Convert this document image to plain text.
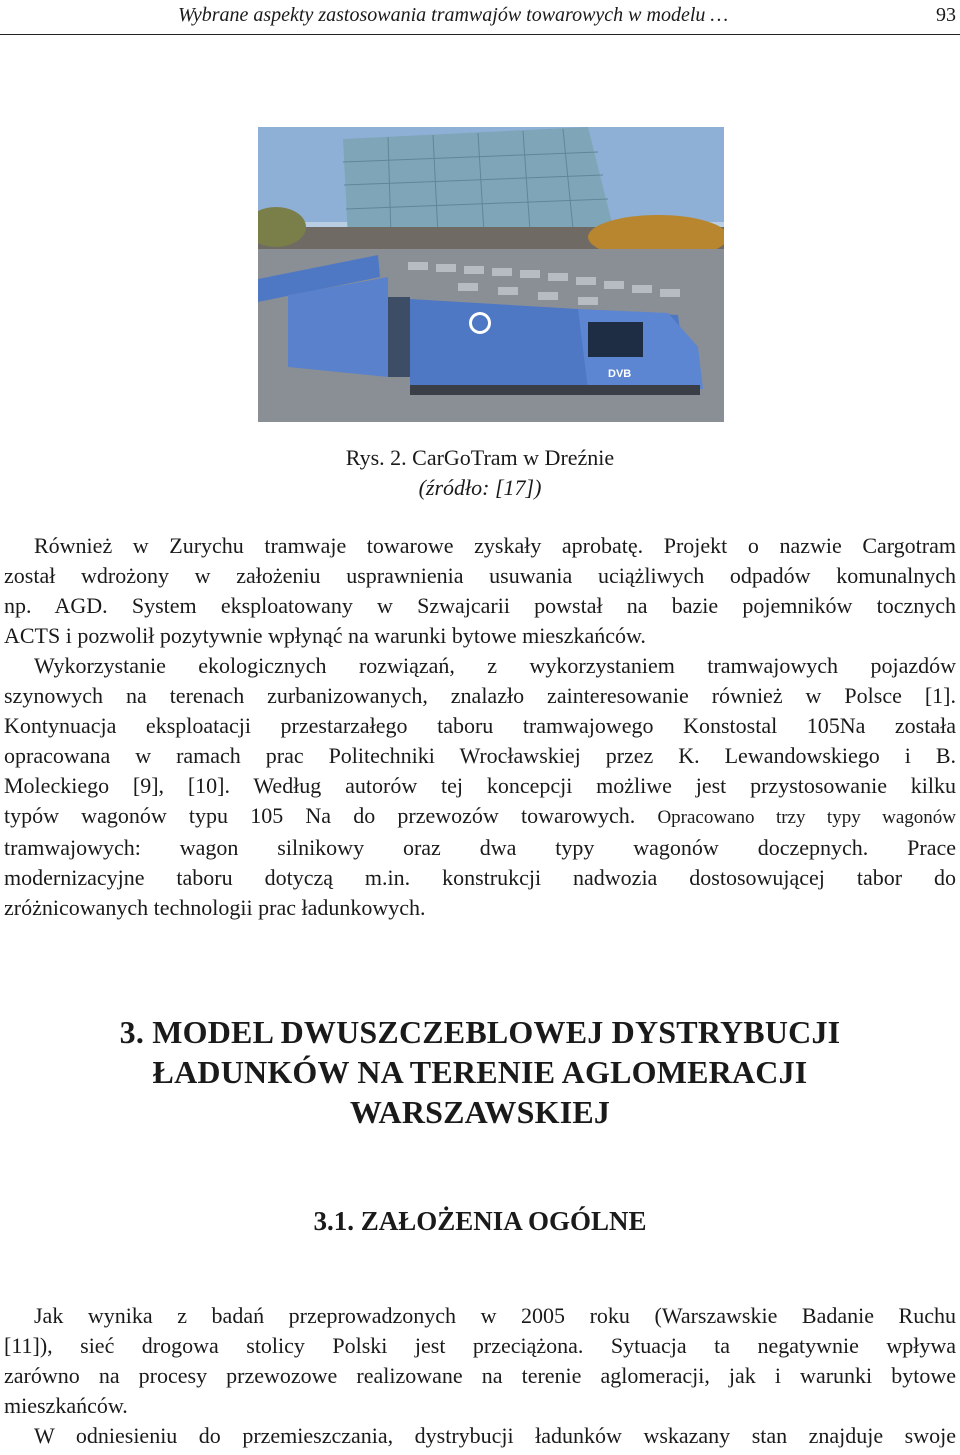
Wybrane aspekty zastosowania tramwajów towarowych w modelu …	93
DVB
Rys. 2. CarGoTram w Dreźnie
(źródło: [17])
Również w Zurychu tramwaje towarowe zyskały aprobatę. Projekt o nazwie Cargotram
został wdrożony w założeniu usprawnienia usuwania uciążliwych odpadów komunalnych
np. AGD. System eksploatowany w Szwajcarii powstał na bazie pojemników tocznych
ACTS i pozwolił pozytywnie wpłynąć na warunki bytowe mieszkańców.
Wykorzystanie ekologicznych rozwiązań, z wykorzystaniem tramwajowych pojazdów
szynowych na terenach zurbanizowanych, znalazło zainteresowanie również w Polsce [1].
Kontynuacja eksploatacji przestarzałego taboru tramwajowego Konstostal 105Na została
opracowana w ramach prac Politechniki Wrocławskiej przez K. Lewandowskiego i B.
Moleckiego [9], [10]. Według autorów tej koncepcji możliwe jest przystosowanie kilku
typów wagonów typu 105 Na do przewozów towarowych. Opracowano trzy typy wagonów
tramwajowych: wagon silnikowy oraz dwa typy wagonów doczepnych. Prace
modernizacyjne taboru dotyczą m.in. konstrukcji nadwozia dostosowującej tabor do
zróżnicowanych technologii prac ładunkowych.
3. MODEL DWUSZCZEBLOWEJ DYSTRYBUCJI
ŁADUNKÓW NA TERENIE AGLOMERACJI
WARSZAWSKIEJ
3.1. ZAŁOŻENIA OGÓLNE
Jak wynika z badań przeprowadzonych w 2005 roku (Warszawskie Badanie Ruchu
[11]), sieć drogowa stolicy Polski jest przeciążona. Sytuacja ta negatywnie wpływa
zarówno na procesy przewozowe realizowane na terenie aglomeracji, jak i warunki bytowe
mieszkańców.
W odniesieniu do przemieszczania, dystrybucji ładunków wskazany stan znajduje swoje
